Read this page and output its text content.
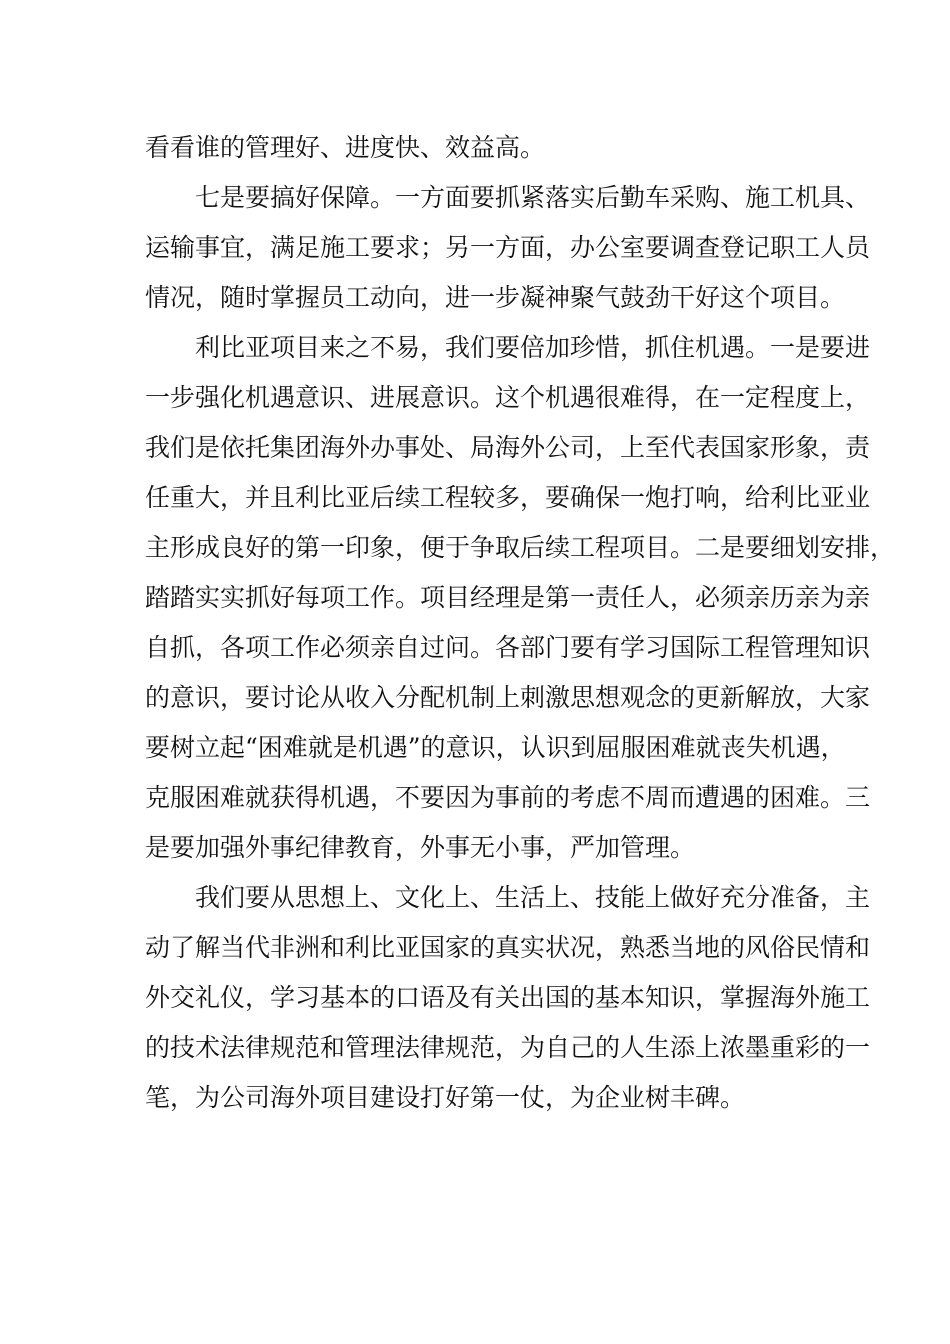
看看谁的管理好、进度快、效益高。
七是要搞好保障。一方面要抓紧落实后勤车采购、施工机具、
运输事宜，满足施工要求；另一方面，办公室要调查登记职工人员
情况，随时掌握员工动向，进一步凝神聚气鼓劲干好这个项目。
利比亚项目来之不易，我们要倍加珍惜，抓住机遇。一是要进
一步强化机遇意识、进展意识。这个机遇很难得，在一定程度上，
我们是依托集团海外办事处、局海外公司，上至代表国家形象，责
任重大，并且利比亚后续工程较多，要确保一炮打响，给利比亚业
主形成良好的第一印象，便于争取后续工程项目。二是要细划安排，
踏踏实实抓好每项工作。项目经理是第一责任人，必须亲历亲为亲
自抓，各项工作必须亲自过问。各部门要有学习国际工程管理知识
的意识，要讨论从收入分配机制上刺激思想观念的更新解放，大家
要树立起“困难就是机遇”的意识，认识到屈服困难就丧失机遇，
克服困难就获得机遇，不要因为事前的考虑不周而遭遇的困难。三
是要加强外事纪律教育，外事无小事，严加管理。
我们要从思想上、文化上、生活上、技能上做好充分准备，主
动了解当代非洲和利比亚国家的真实状况，熟悉当地的风俗民情和
外交礼仪，学习基本的口语及有关出国的基本知识，掌握海外施工
的技术法律规范和管理法律规范，为自己的人生添上浓墨重彩的一
笔，为公司海外项目建设打好第一仗，为企业树丰碑。
